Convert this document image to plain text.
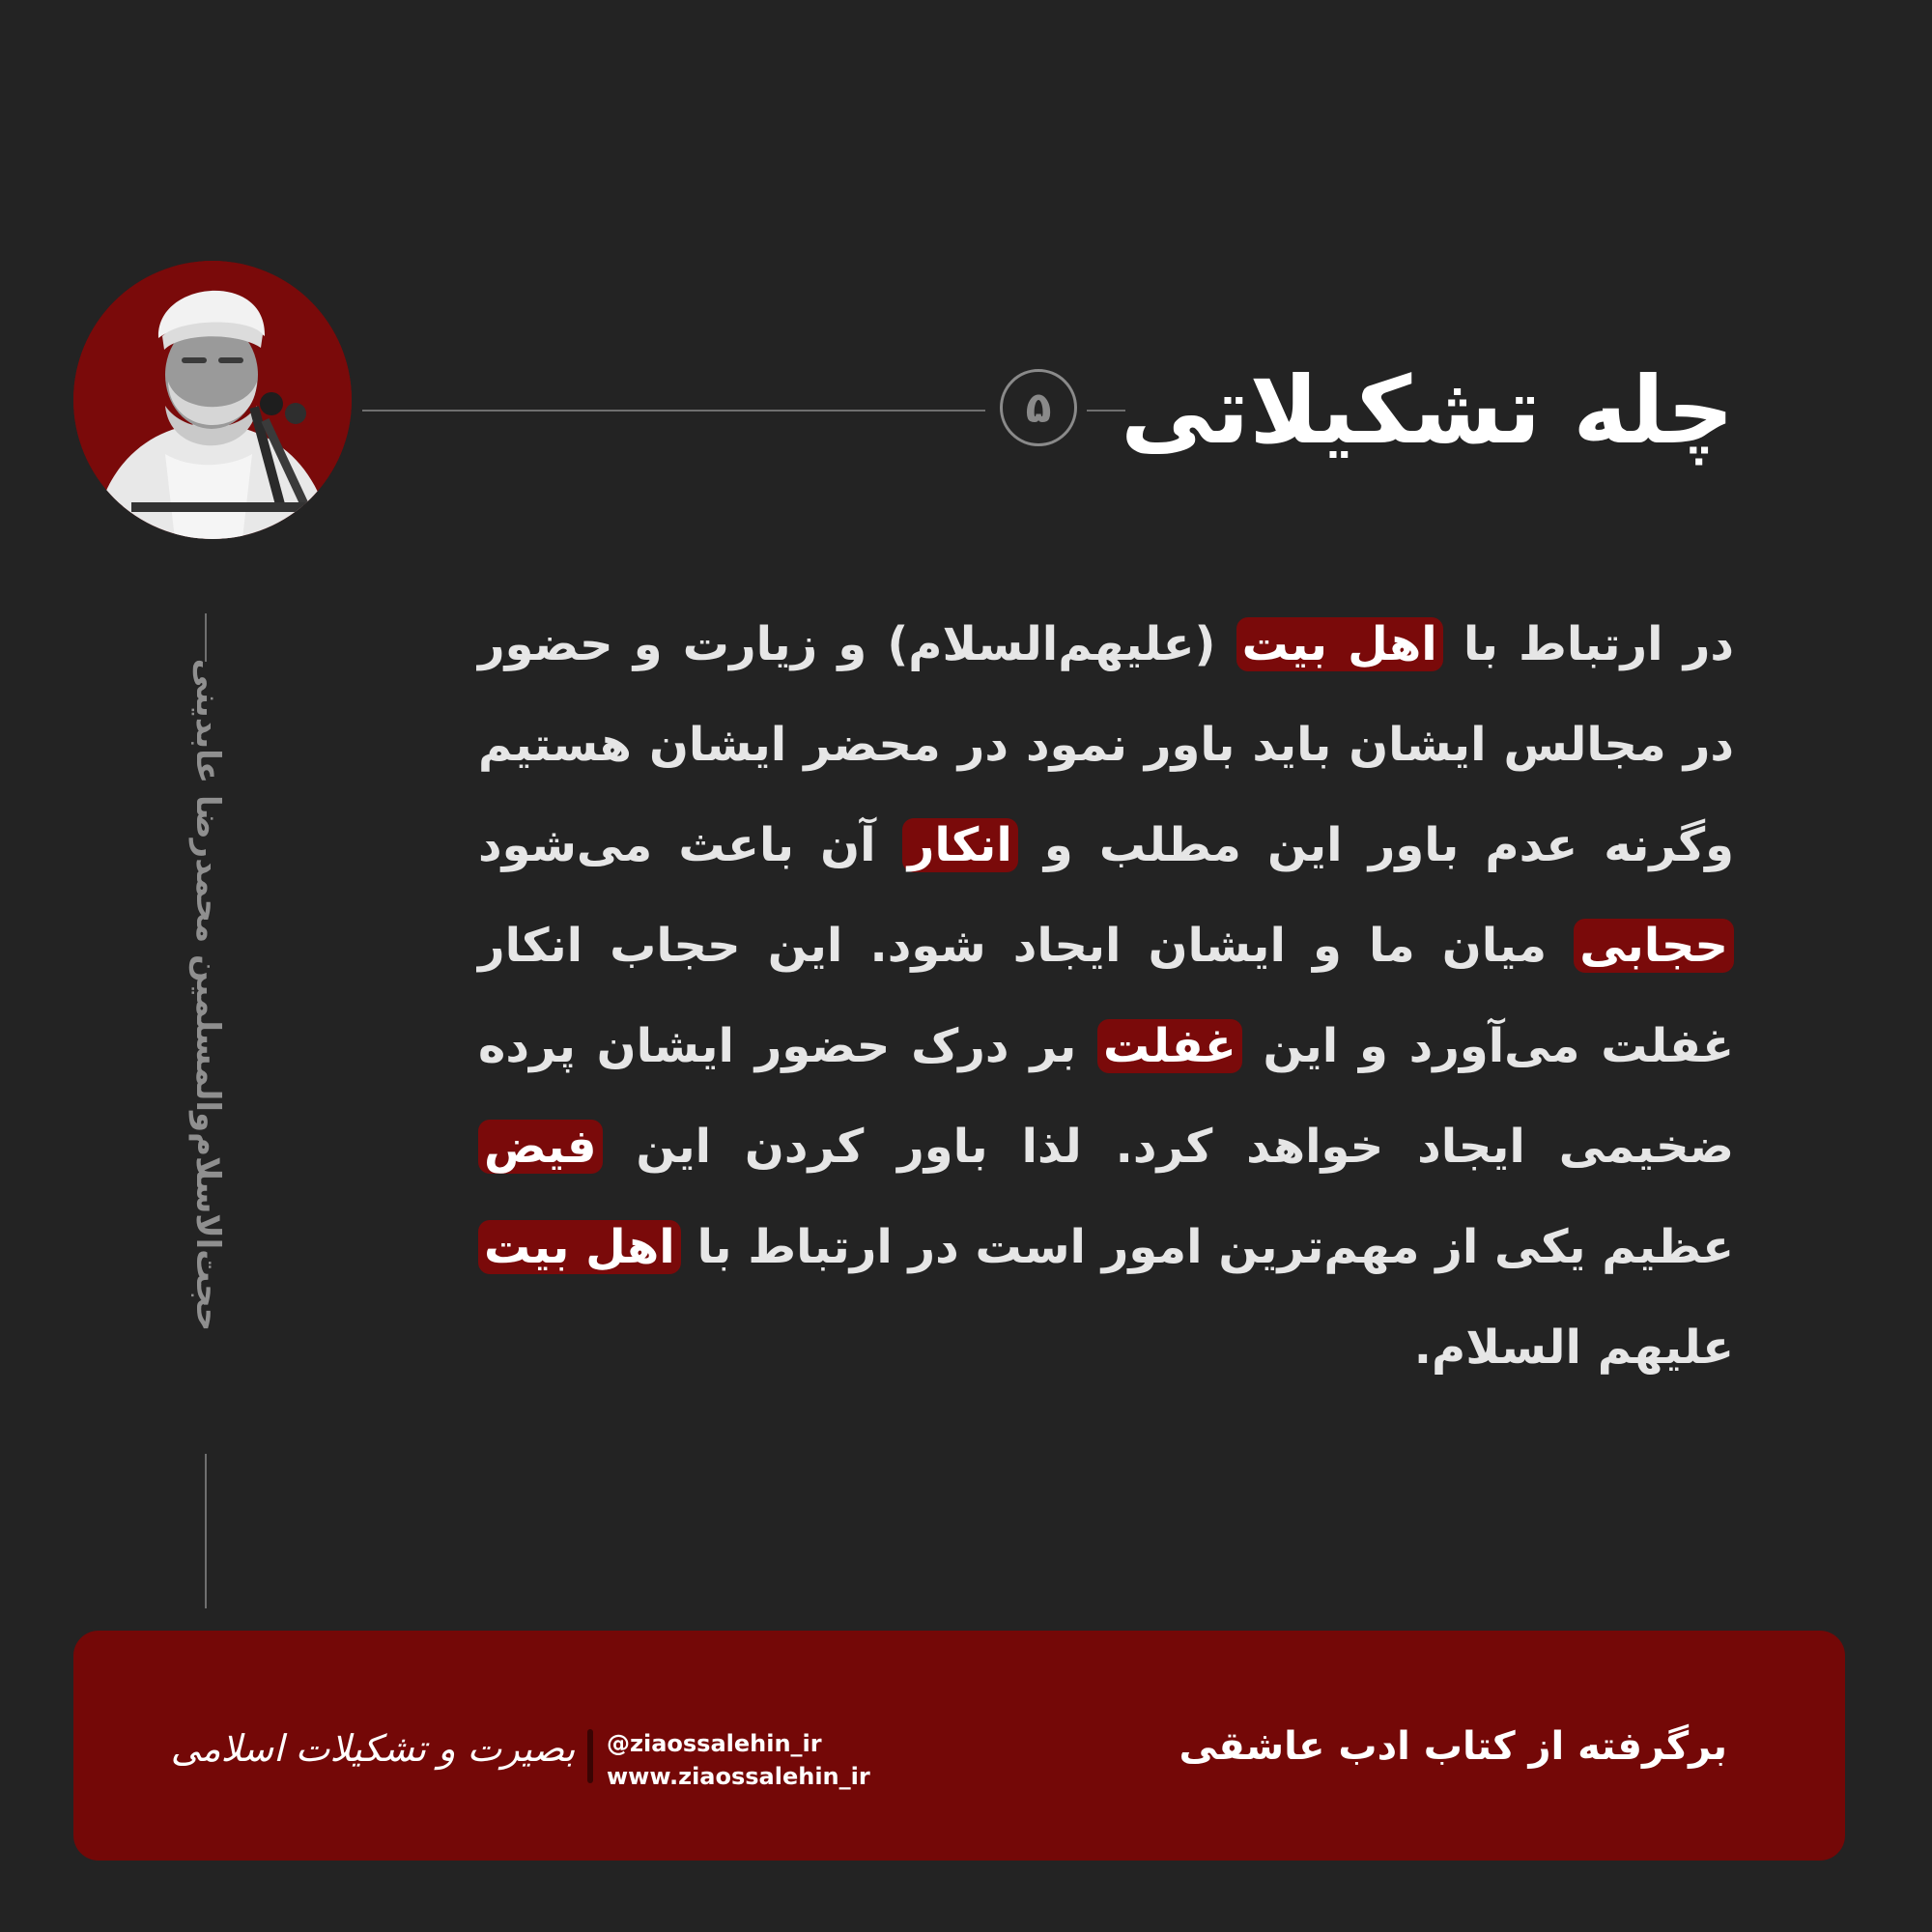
۵ چله تشکیلاتی
حجت‌الاسلام‌والمسلمین محمدرضا عابدینی
در ارتباط با اهل بیت (علیهم‌السلام) و زیارت و حضور در مجالس ایشان باید باور نمود در محضر ایشان هستیم وگرنه عدم باور این مطلب و انکار آن باعث می‌شود حجابی میان ما و ایشان ایجاد شود. این حجاب انکار غفلت می‌آورد و این غفلت بر درک حضور ایشان پرده ضخیمی ایجاد خواهد کرد. لذا باور کردن این فیض عظیم یکی از مهم‌ترین امور است در ارتباط با اهل بیت علیهم السلام.
برگرفته از کتاب ادب عاشقی
@ziaossalehin_ir
www.ziaossalehin_ir
بصیرت و تشکیلات اسلامی
